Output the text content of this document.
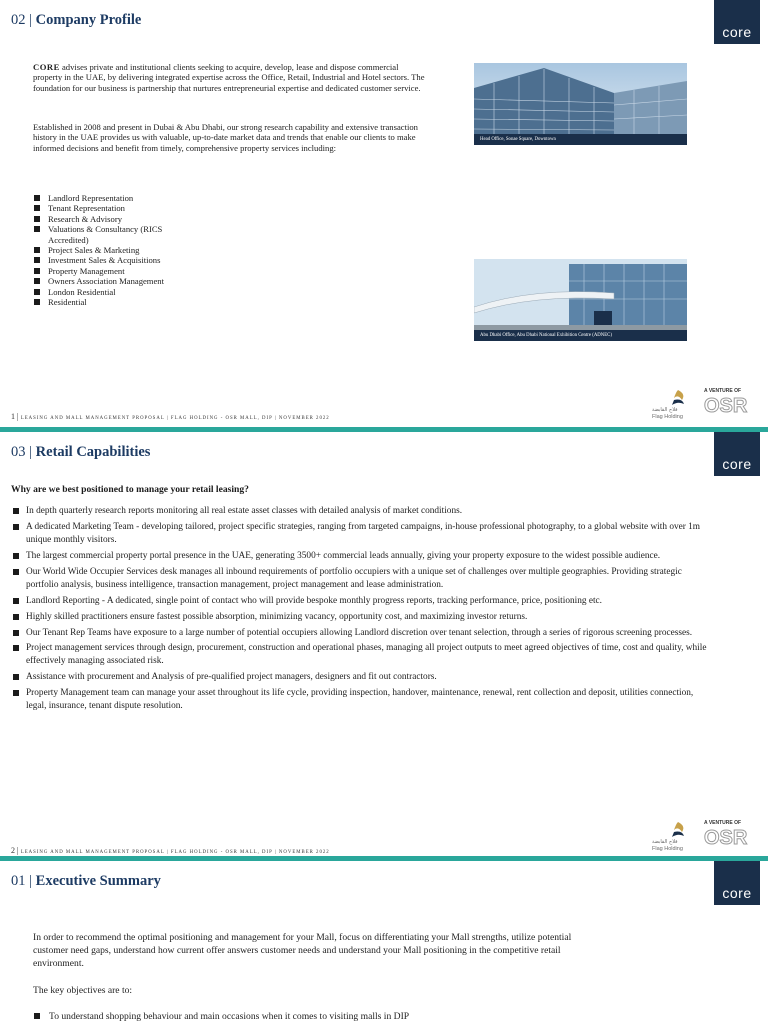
02 | Company Profile
core

CORE advises private and institutional clients seeking to acquire, develop, lease and dispose commercial property in the UAE, by delivering integrated expertise across the Office, Retail, Industrial and Hotel sectors. The foundation for our business is partnership that nurtures entrepreneurial expertise and dedicated customer service.

Established in 2008 and present in Dubai & Abu Dhabi, our strong research capability and extensive transaction history in the UAE provides us with valuable, up-to-date market data and trends that enable our clients to make informed decisions and benefit from timely, comprehensive property services including:

Landlord Representation
Tenant Representation
Research & Advisory
Valuations & Consultancy (RICS Accredited)
Project Sales & Marketing
Investment Sales & Acquisitions
Property Management
Owners Association Management
London Residential
Residential
Head Office, Sonae Square, Downtown
Abu Dhabi Office, Abu Dhabi National Exhibition Centre (ADNEC)
1 | LEASING AND MALL MANAGEMENT PROPOSAL | FLAG HOLDING - OSR MALL, DIP | NOVEMBER 2022
فلاج القابضة
Flag Holding
A VENTURE OF
OSR
03 | Retail Capabilities
core
Why are we best positioned to manage your retail leasing?
In depth quarterly research reports monitoring all real estate asset classes with detailed analysis of market conditions.
A dedicated Marketing Team - developing tailored, project specific strategies, ranging from targeted campaigns, in-house professional photography, to a global website with over 1m unique monthly visitors.
The largest commercial property portal presence in the UAE, generating 3500+ commercial leads annually, giving your property exposure to the widest possible audience.
Our World Wide Occupier Services desk manages all inbound requirements of portfolio occupiers with a unique set of challenges over multiple geographies. Providing strategic portfolio analysis, business intelligence, transaction management, project management and lease administration.
Landlord Reporting - A dedicated, single point of contact who will provide bespoke monthly progress reports, tracking performance, price, positioning etc.
Highly skilled practitioners ensure fastest possible absorption, minimizing vacancy, opportunity cost, and maximizing investor returns.
Our Tenant Rep Teams have exposure to a large number of potential occupiers allowing Landlord discretion over tenant selection, through a series of rigorous screening processes.
Project management services through design, procurement, construction and operational phases, managing all project outputs to meet agreed objectives of time, cost and quality, while effectively managing associated risk.
Assistance with procurement and Analysis of pre-qualified project managers, designers and fit out contractors.
Property Management team can manage your asset throughout its life cycle, providing inspection, handover, maintenance, renewal, rent collection and deposit, utilities connection, legal, insurance, tenant dispute resolution.
2 | LEASING AND MALL MANAGEMENT PROPOSAL | FLAG HOLDING - OSR MALL, DIP | NOVEMBER 2022
فلاج القابضة
Flag Holding
A VENTURE OF
OSR
01 | Executive Summary
core

In order to recommend the optimal positioning and management for your Mall, focus on differentiating your Mall strengths, utilize potential customer need gaps, understand how current offer answers customer needs and understand your Mall positioning in the competitive retail environment.

The key objectives are to:

To understand shopping behaviour and main occasions when it comes to visiting malls in DIP
